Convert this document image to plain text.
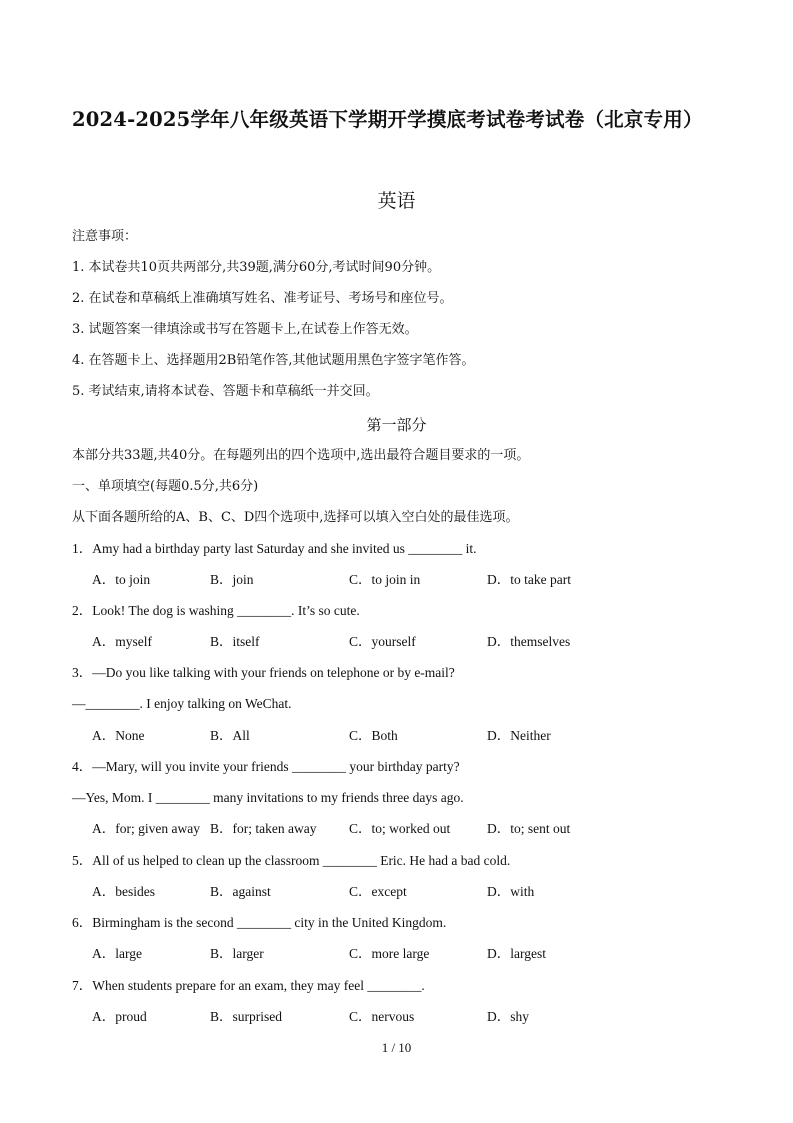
2024-2025学年八年级英语下学期开学摸底考试卷考试卷（北京专用）
英语
注意事项：
1. 本试卷共10页共两部分,共39题,满分60分,考试时间90分钟。
2. 在试卷和草稿纸上准确填写姓名、准考证号、考场号和座位号。
3. 试题答案一律填涂或书写在答题卡上,在试卷上作答无效。
4. 在答题卡上、选择题用2B铅笔作答,其他试题用黑色字签字笔作答。
5. 考试结束,请将本试卷、答题卡和草稿纸一并交回。
第一部分
本部分共33题,共40分。在每题列出的四个选项中,选出最符合题目要求的一项。
一、单项填空(每题0.5分,共6分)
从下面各题所给的A、B、C、D四个选项中,选择可以填入空白处的最佳选项。
1．Amy had a birthday party last Saturday and she invited us ________ it.
A．to join	B．join	C．to join in	D．to take part
2．Look! The dog is washing ________. It’s so cute.
A．myself	B．itself	C．yourself	D．themselves
3．—Do you like talking with your friends on telephone or by e-mail?
—________. I enjoy talking on WeChat.
A．None	B．All	C．Both	D．Neither
4．—Mary, will you invite your friends ________ your birthday party?
—Yes, Mom. I ________ many invitations to my friends three days ago.
A．for; given away B．for; taken away C．to; worked out	D．to; sent out
5．All of us helped to clean up the classroom ________ Eric. He had a bad cold.
A．besides	B．against	C．except	D．with
6．Birmingham is the second ________ city in the United Kingdom.
A．large	B．larger	C．more large	D．largest
7．When students prepare for an exam, they may feel ________.
A．proud	B．surprised	C．nervous	D．shy
1 / 10
